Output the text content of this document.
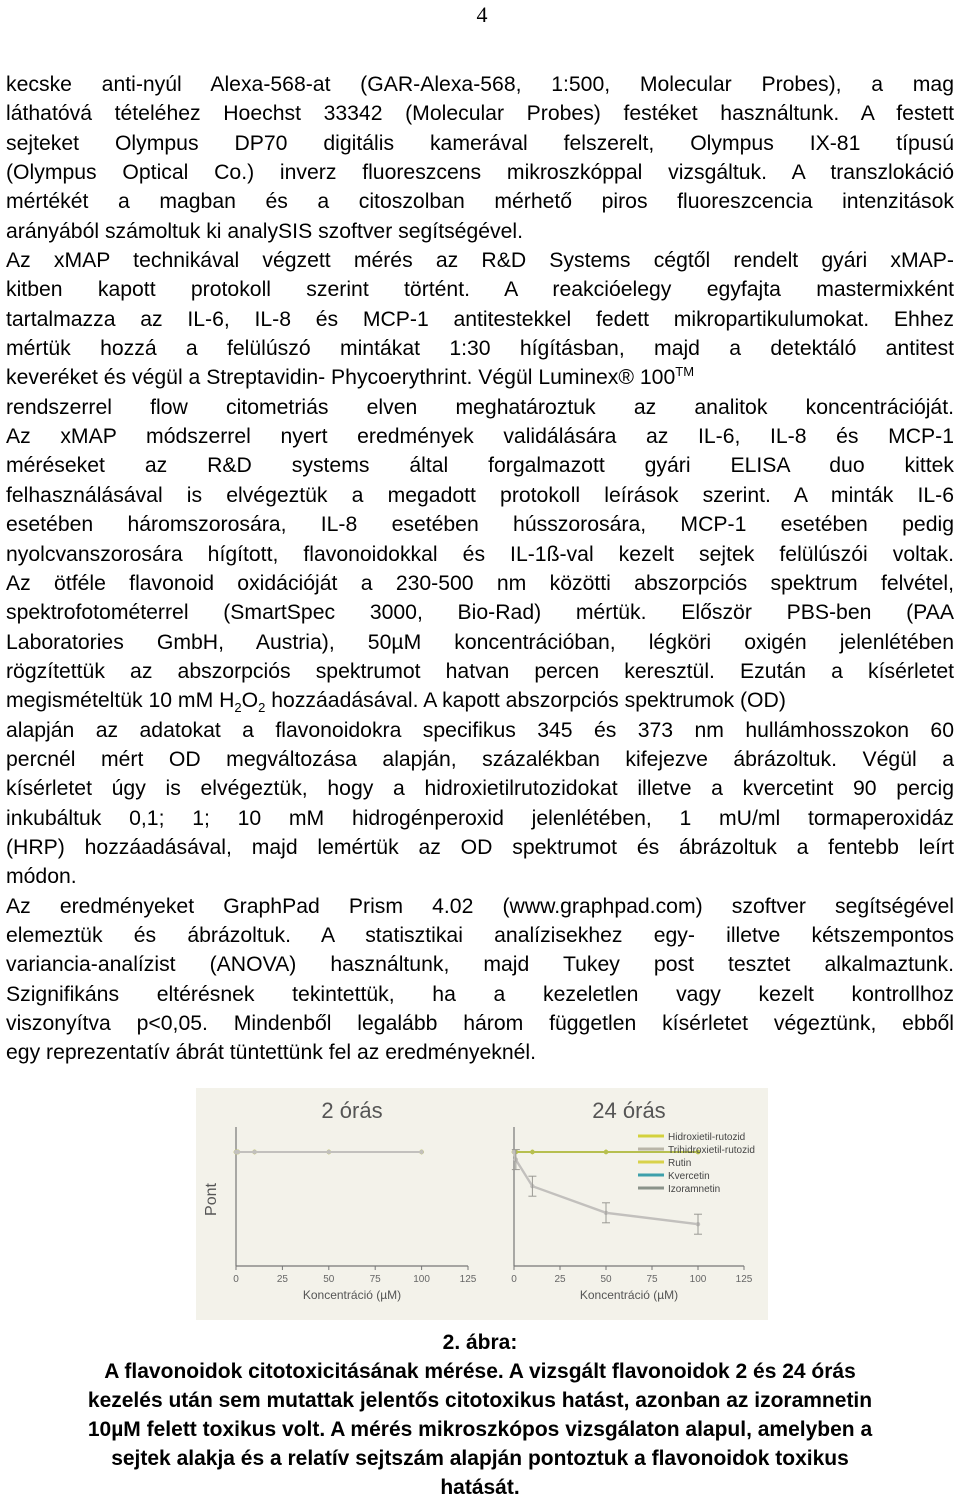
4
kecske anti-nyúl Alexa-568-at (GAR-Alexa-568, 1:500, Molecular Probes), a mag
láthatóvá tételéhez Hoechst 33342 (Molecular Probes) festéket használtunk. A festett
sejteket Olympus DP70 digitális kamerával felszerelt, Olympus IX-81 típusú
(Olympus Optical Co.) inverz fluoreszcens mikroszkóppal vizsgáltuk. A transzlokáció
mértékét a magban és a citoszolban mérhető piros fluoreszcencia intenzitások
arányából számoltuk ki analySIS szoftver segítségével.
Az xMAP technikával végzett mérés az R&D Systems cégtől rendelt gyári xMAP-
kitben kapott protokoll szerint történt. A reakcióelegy egyfajta mastermixként
tartalmazza az IL-6, IL-8 és MCP-1 antitestekkel fedett mikropartikulumokat. Ehhez
mértük hozzá a felülúszó mintákat 1:30 hígításban, majd a detektáló antitest
keveréket és végül a Streptavidin- Phycoerythrint. Végül Luminex® 100™
rendszerrel flow citometriás elven meghatároztuk az analitok koncentrációját.
Az xMAP módszerrel nyert eredmények validálására az IL-6, IL-8 és MCP-1
méréseket az R&D systems által forgalmazott gyári ELISA duo kittek
felhasználásával is elvégeztük a megadott protokoll leírások szerint. A minták IL-6
esetében háromszorosára, IL-8 esetében hússzorosára, MCP-1 esetében pedig
nyolcvanszorosára hígított, flavonoidokkal és IL-1ß-val kezelt sejtek felülúszói voltak.
Az ötféle flavonoid oxidációját a 230-500 nm közötti abszorpciós spektrum felvétel,
spektrofotométerrel (SmartSpec 3000, Bio-Rad) mértük. Először PBS-ben (PAA
Laboratories GmbH, Austria), 50µM koncentrációban, légköri oxigén jelenlétében
rögzítettük az abszorpciós spektrumot hatvan percen keresztül. Ezután a kísérletet
megismételtük 10 mM $H_2O_2$ hozzáadásával. A kapott abszorpciós spektrumok (OD)
alapján az adatokat a flavonoidokra specifikus 345 és 373 nm hullámhosszokon 60
percnél mért OD megváltozása alapján, százalékban kifejezve ábrázoltuk. Végül a
kísérletet úgy is elvégeztük, hogy a hidroxietilrutozidokat illetve a kvercetint 90 percig
inkubáltuk 0,1; 1; 10 mM hidrogénperoxid jelenlétében, 1 mU/ml tormaperoxidáz
(HRP) hozzáadásával, majd lemértük az OD spektrumot és ábrázoltuk a fentebb leírt
módon.
Az eredményeket GraphPad Prism 4.02 (www.graphpad.com) szoftver segítségével
elemeztük és ábrázoltuk. A statisztikai analízisekhez egy- illetve kétszempontos
variancia-analízist (ANOVA) használtunk, majd Tukey post tesztet alkalmaztunk.
Szignifikáns eltérésnek tekintettük, ha a kezeletlen vagy kezelt kontrollhoz
viszonyítva p<0,05. Mindenből legalább három független kísérletet végeztünk, ebből
egy reprezentatív ábrát tüntettünk fel az eredményeknél.
2 órás
0	25	50	75	100	125
Koncentráció (µM)
Pont
24 órás
0	25	50	75	100	125
Koncentráció (µM)
Hidroxietil-rutozid
Trihidroxietil-rutozid
Rutin
Kvercetin
Izoramnetin
2. ábra:
A flavonoidok citotoxicitásának mérése. A vizsgált flavonoidok 2 és 24 órás
kezelés után sem mutattak jelentős citotoxikus hatást, azonban az izoramnetin
10µM felett toxikus volt. A mérés mikroszkópos vizsgálaton alapul, amelyben a
sejtek alakja és a relatív sejtszám alapján pontoztuk a flavonoidok toxikus
hatását.
